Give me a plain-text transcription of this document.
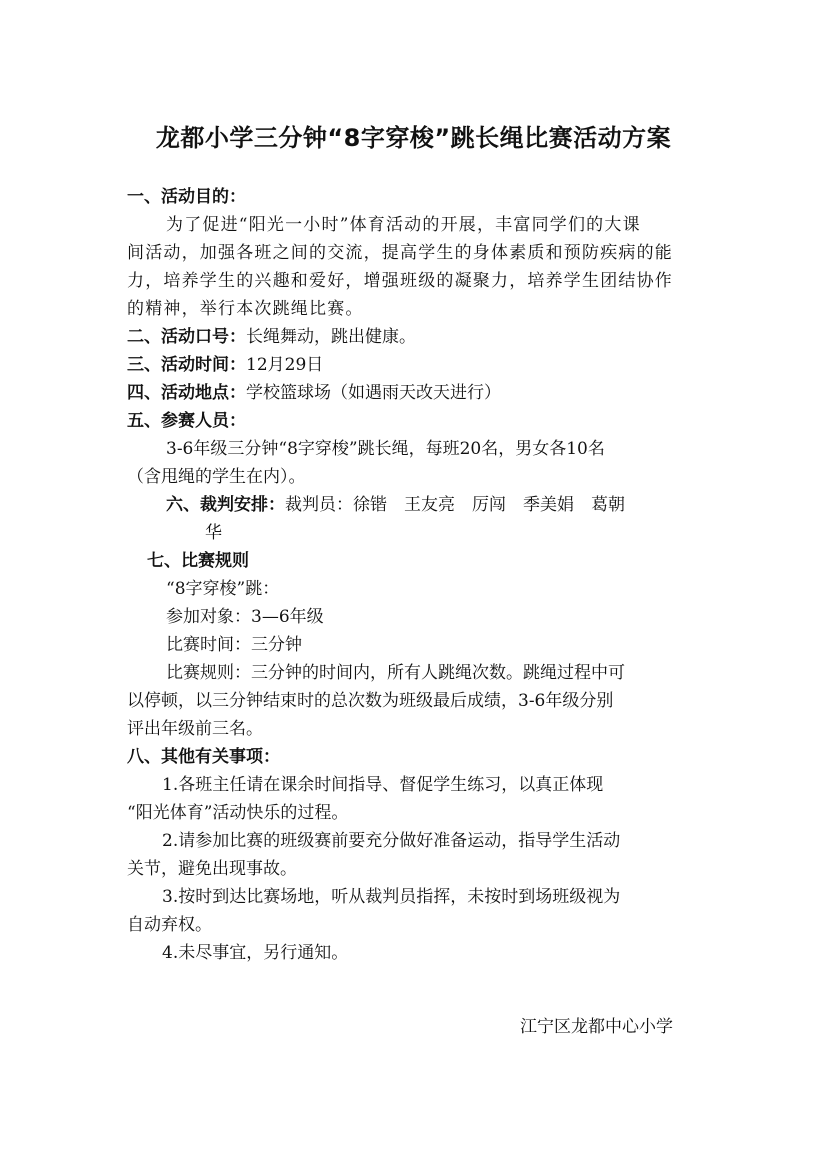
龙都小学三分钟“8字穿梭”跳长绳比赛活动方案
一、活动目的：
为了促进“阳光一小时”体育活动的开展，丰富同学们的大课
间活动，加强各班之间的交流，提高学生的身体素质和预防疾病的能
力，培养学生的兴趣和爱好，增强班级的凝聚力，培养学生团结协作
的精神，举行本次跳绳比赛。
二、活动口号：长绳舞动，跳出健康。
三、活动时间：12月29日
四、活动地点：学校篮球场（如遇雨天改天进行）
五、参赛人员：
3-6年级三分钟“8字穿梭”跳长绳，每班20名，男女各10名
（含甩绳的学生在内）。
六、裁判安排：裁判员：徐锴　王友亮　厉闯　季美娟　葛朝
华
七、比赛规则
“8字穿梭”跳：
参加对象：3—6年级
比赛时间：三分钟
比赛规则：三分钟的时间内，所有人跳绳次数。跳绳过程中可
以停顿，以三分钟结束时的总次数为班级最后成绩，3-6年级分别
评出年级前三名。
八、其他有关事项：
1.各班主任请在课余时间指导、督促学生练习，以真正体现
“阳光体育”活动快乐的过程。
2.请参加比赛的班级赛前要充分做好准备运动，指导学生活动
关节，避免出现事故。
3.按时到达比赛场地，听从裁判员指挥，未按时到场班级视为
自动弃权。
4.未尽事宜，另行通知。
江宁区龙都中心小学
